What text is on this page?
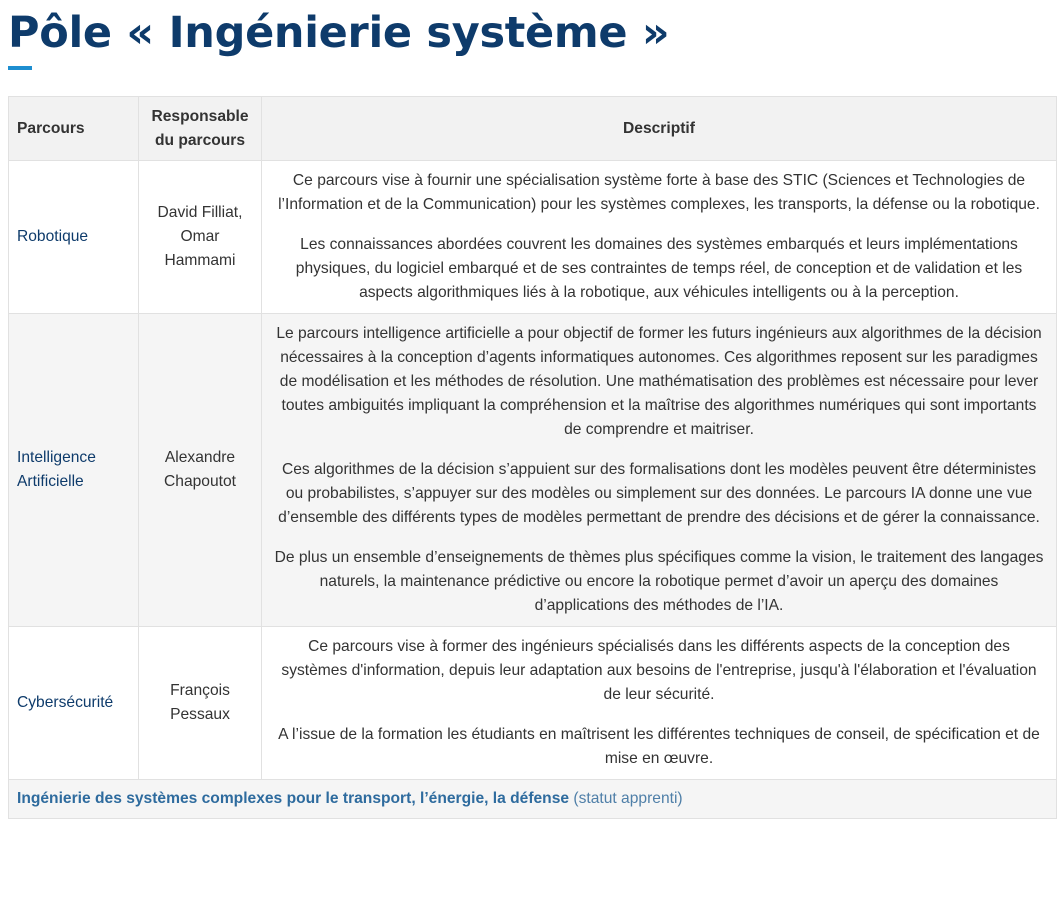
Pôle « Ingénierie système »
Parcours	Responsable du parcours	Descriptif
Robotique	David Filliat, Omar Hammami	Ce parcours vise à fournir une spécialisation système forte à base des STIC (Sciences et Technologies de l’Information et de la Communication) pour les systèmes complexes, les transports, la défense ou la robotique.

Les connaissances abordées couvrent les domaines des systèmes embarqués et leurs implémentations physiques, du logiciel embarqué et de ses contraintes de temps réel, de conception et de validation et les aspects algorithmiques liés à la robotique, aux véhicules intelligents ou à la perception.

Intelligence Artificielle	Alexandre Chapoutot	Le parcours intelligence artificielle a pour objectif de former les futurs ingénieurs aux algorithmes de la décision nécessaires à la conception d’agents informatiques autonomes. Ces algorithmes reposent sur les paradigmes de modélisation et les méthodes de résolution. Une mathématisation des problèmes est nécessaire pour lever toutes ambiguités impliquant la compréhension et la maîtrise des algorithmes numériques qui sont importants de comprendre et maitriser.

Ces algorithmes de la décision s’appuient sur des formalisations dont les modèles peuvent être déterministes ou probabilistes, s’appuyer sur des modèles ou simplement sur des données. Le parcours IA donne une vue d’ensemble des différents types de modèles permettant de prendre des décisions et de gérer la connaissance.

De plus un ensemble d’enseignements de thèmes plus spécifiques comme la vision, le traitement des langages naturels, la maintenance prédictive ou encore la robotique permet d’avoir un aperçu des domaines d’applications des méthodes de l’IA.

Cybersécurité	François Pessaux	Ce parcours vise à former des ingénieurs spécialisés dans les différents aspects de la conception des systèmes d'information, depuis leur adaptation aux besoins de l'entreprise, jusqu'à l'élaboration et l'évaluation de leur sécurité.

A l’issue de la formation les étudiants en maîtrisent les différentes techniques de conseil, de spécification et de mise en œuvre.

Ingénierie des systèmes complexes pour le transport, l’énergie, la défense (statut apprenti)		
